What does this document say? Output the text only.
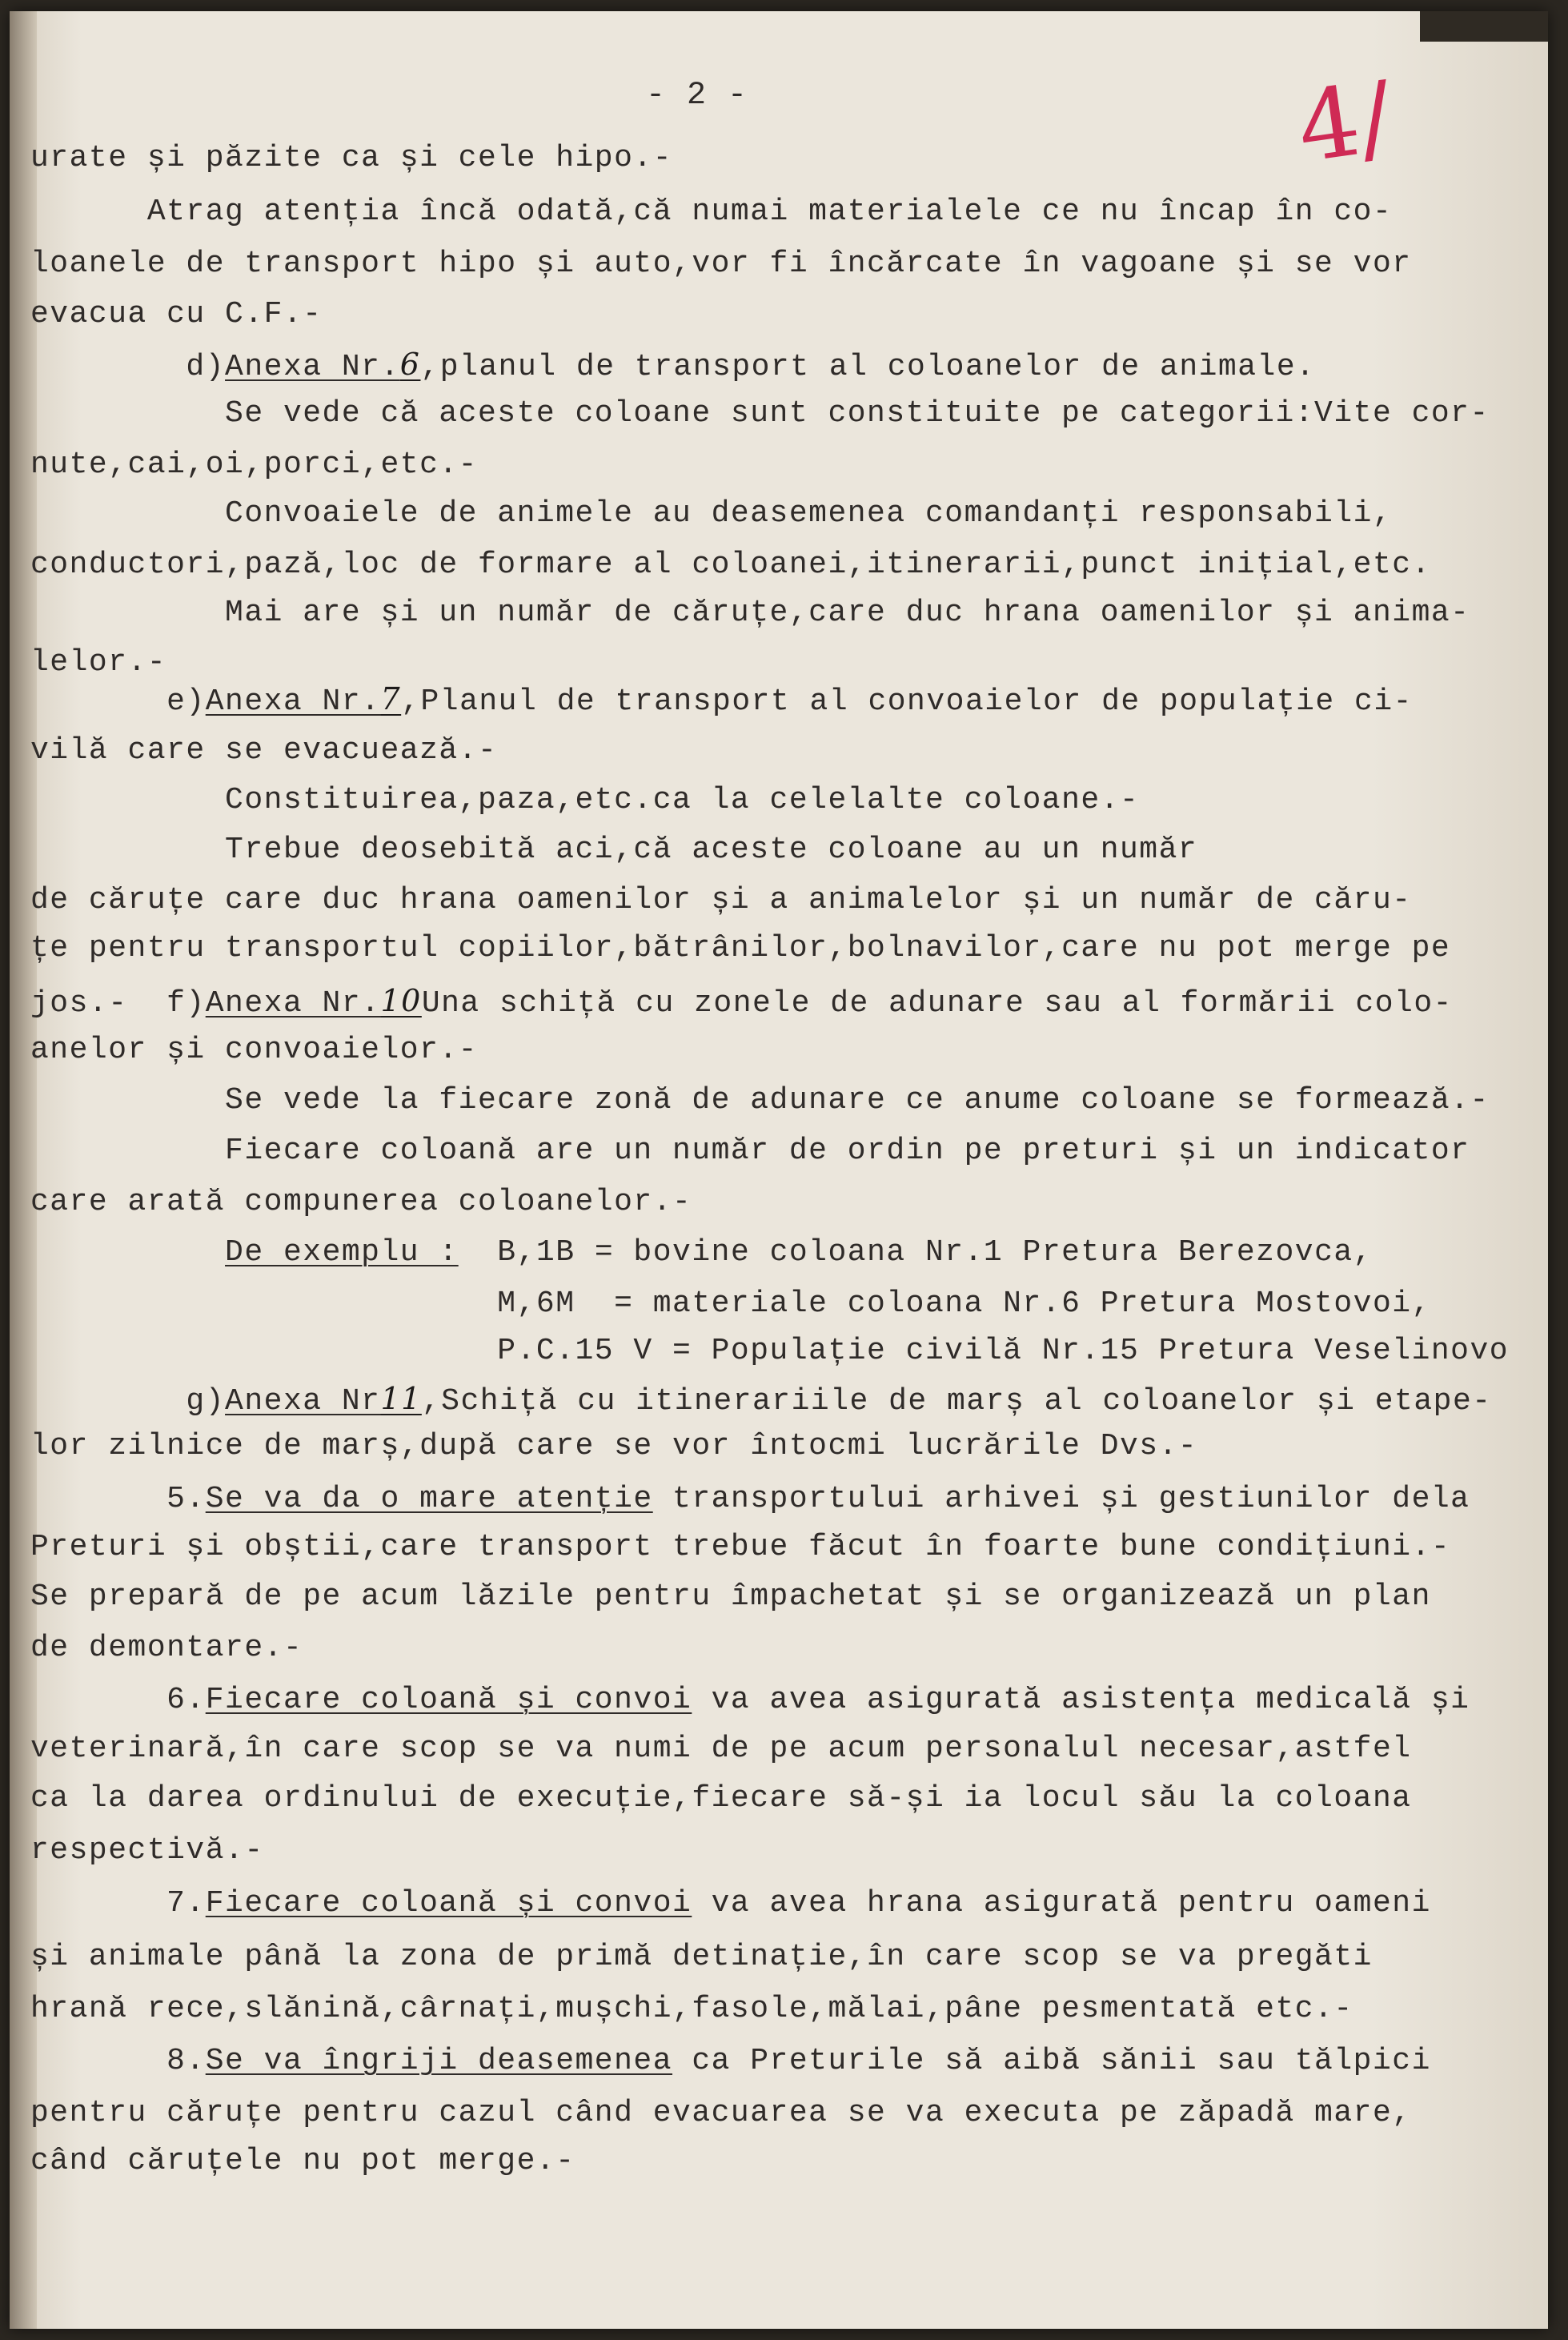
- 2 -	4/
urate și păzite ca și cele hipo.-
Atrag atenția încă odată,că numai materialele ce nu încap în co-
loanele de transport hipo și auto,vor fi încărcate în vagoane și se vor
evacua cu C.F.-
d)Anexa Nr.6,planul de transport al coloanelor de animale.
Se vede că aceste coloane sunt constituite pe categorii:Vite cor-
nute,cai,oi,porci,etc.-
Convoaiele de animele au deasemenea comandanți responsabili,
conductori,pază,loc de formare al coloanei,itinerarii,punct inițial,etc.
Mai are și un număr de căruțe,care duc hrana oamenilor și anima-
lelor.-
e)Anexa Nr.7,Planul de transport al convoaielor de populație ci-
vilă care se evacuează.-
Constituirea,paza,etc.ca la celelalte coloane.-
Trebue deosebită aci,că aceste coloane au un număr
de căruțe care duc hrana oamenilor și a animalelor și un număr de căru-
țe pentru transportul copiilor,bătrânilor,bolnavilor,care nu pot merge pe
jos.-  f)Anexa Nr.10Una schiță cu zonele de adunare sau al formării colo-
anelor și convoaielor.-
Se vede la fiecare zonă de adunare ce anume coloane se formează.-
Fiecare coloană are un număr de ordin pe preturi și un indicator
care arată compunerea coloanelor.-
De exemplu :  B,1B = bovine coloana Nr.1 Pretura Berezovca,
M,6M  = materiale coloana Nr.6 Pretura Mostovoi,
P.C.15 V = Populație civilă Nr.15 Pretura Veselinovo
g)Anexa Nr11,Schiță cu itinerariile de marș al coloanelor și etape-
lor zilnice de marș,după care se vor întocmi lucrările Dvs.-
5.Se va da o mare atenție transportului arhivei și gestiunilor dela
Preturi și obștii,care transport trebue făcut în foarte bune condițiuni.-
Se prepară de pe acum lăzile pentru împachetat și se organizează un plan
de demontare.-
6.Fiecare coloană și convoi va avea asigurată asistența medicală și
veterinară,în care scop se va numi de pe acum personalul necesar,astfel
ca la darea ordinului de execuție,fiecare să-și ia locul său la coloana
respectivă.-
7.Fiecare coloană și convoi va avea hrana asigurată pentru oameni
și animale până la zona de primă detinație,în care scop se va pregăti
hrană rece,slănină,cârnați,mușchi,fasole,mălai,pâne pesmentată etc.-
8.Se va îngriji deasemenea ca Preturile să aibă sănii sau tălpici
pentru căruțe pentru cazul când evacuarea se va executa pe zăpadă mare,
când căruțele nu pot merge.-
